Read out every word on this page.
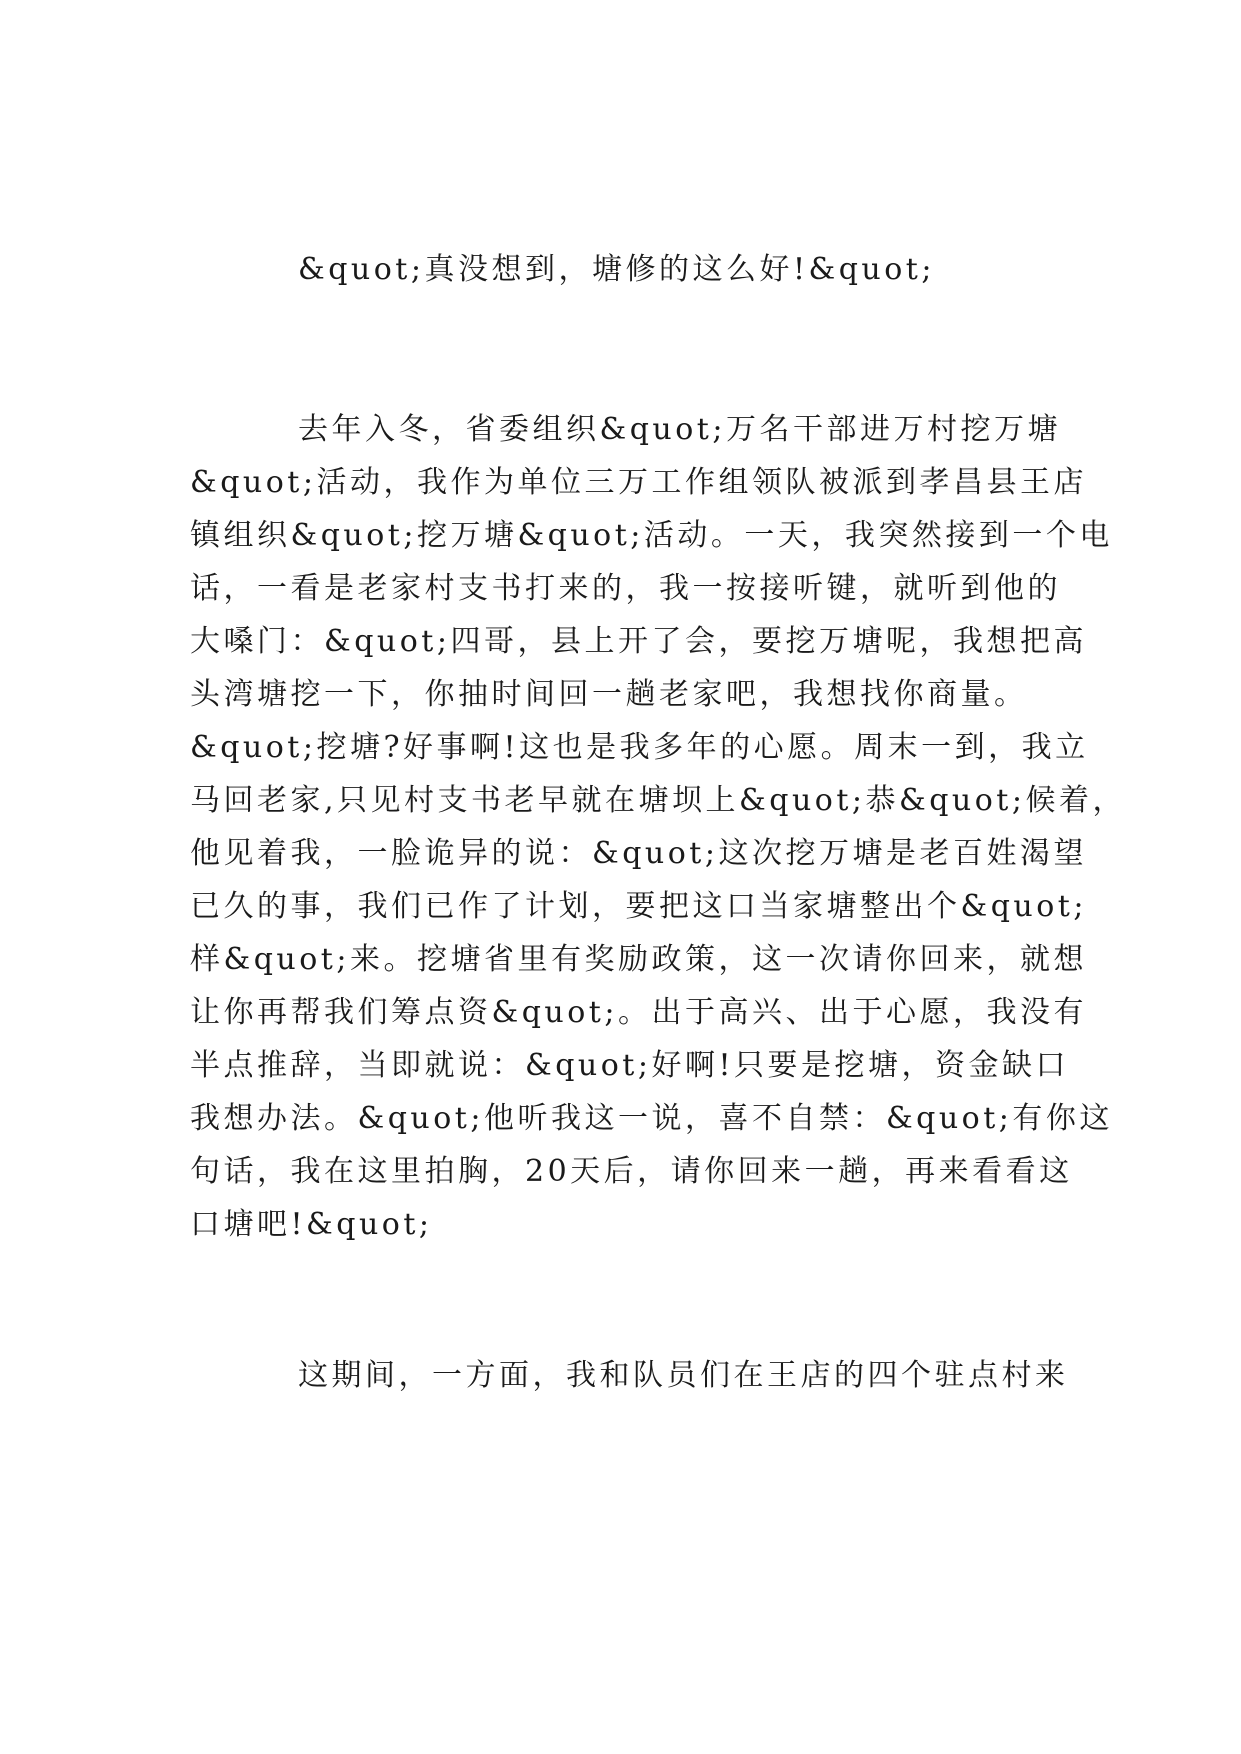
&quot;真没想到，塘修的这么好!&quot;
去年入冬，省委组织&quot;万名干部进万村挖万塘
&quot;活动，我作为单位三万工作组领队被派到孝昌县王店
镇组织&quot;挖万塘&quot;活动。一天，我突然接到一个电
话，一看是老家村支书打来的，我一按接听键，就听到他的
大嗓门：&quot;四哥，县上开了会，要挖万塘呢，我想把高
头湾塘挖一下，你抽时间回一趟老家吧，我想找你商量。
&quot;挖塘?好事啊!这也是我多年的心愿。周末一到，我立
马回老家,只见村支书老早就在塘坝上&quot;恭&quot;候着，
他见着我，一脸诡异的说：&quot;这次挖万塘是老百姓渴望
已久的事，我们已作了计划，要把这口当家塘整出个&quot;
样&quot;来。挖塘省里有奖励政策，这一次请你回来，就想
让你再帮我们筹点资&quot;。出于高兴、出于心愿，我没有
半点推辞，当即就说：&quot;好啊!只要是挖塘，资金缺口
我想办法。&quot;他听我这一说，喜不自禁：&quot;有你这
句话，我在这里拍胸，20天后，请你回来一趟，再来看看这
口塘吧!&quot;
这期间，一方面，我和队员们在王店的四个驻点村来
